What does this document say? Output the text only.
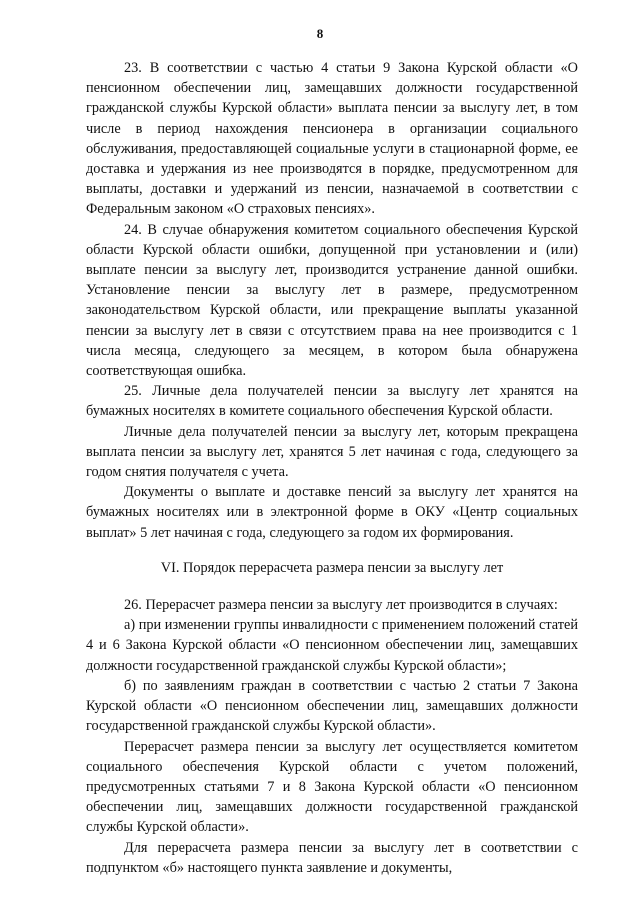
8

23. В соответствии с частью 4 статьи 9 Закона Курской области «О пенсионном обеспечении лиц, замещавших должности государственной гражданской службы Курской области» выплата пенсии за выслугу лет, в том числе в период нахождения пенсионера в организации социального обслуживания, предоставляющей социальные услуги в стационарной форме, ее доставка и удержания из нее производятся в порядке, предусмотренном для выплаты, доставки и удержаний из пенсии, назначаемой в соответствии с Федеральным законом «О страховых пенсиях».

24. В случае обнаружения комитетом социального обеспечения Курской области Курской области ошибки, допущенной при установлении и (или) выплате пенсии за выслугу лет, производится устранение данной ошибки. Установление пенсии за выслугу лет в размере, предусмотренном законодательством Курской области, или прекращение выплаты указанной пенсии за выслугу лет в связи с отсутствием права на нее производится с 1 числа месяца, следующего за месяцем, в котором была обнаружена соответствующая ошибка.

25. Личные дела получателей пенсии за выслугу лет хранятся на бумажных носителях в комитете социального обеспечения Курской области.

Личные дела получателей пенсии за выслугу лет, которым прекращена выплата пенсии за выслугу лет, хранятся 5 лет начиная с года, следующего за годом снятия получателя с учета.

Документы о выплате и доставке пенсий за выслугу лет хранятся на бумажных носителях или в электронной форме в ОКУ «Центр социальных выплат» 5 лет начиная с года, следующего за годом их формирования.

VI. Порядок перерасчета размера пенсии за выслугу лет

26. Перерасчет размера пенсии за выслугу лет производится в случаях:

а) при изменении группы инвалидности с применением положений статей 4 и 6 Закона Курской области «О пенсионном обеспечении лиц, замещавших должности государственной гражданской службы Курской области»;

б) по заявлениям граждан в соответствии с частью 2 статьи 7 Закона Курской области «О пенсионном обеспечении лиц, замещавших должности государственной гражданской службы Курской области».

Перерасчет размера пенсии за выслугу лет осуществляется комитетом социального обеспечения Курской области с учетом положений, предусмотренных статьями 7 и 8 Закона Курской области «О пенсионном обеспечении лиц, замещавших должности государственной гражданской службы Курской области».

Для перерасчета размера пенсии за выслугу лет в соответствии с подпунктом «б» настоящего пункта заявление и документы,
